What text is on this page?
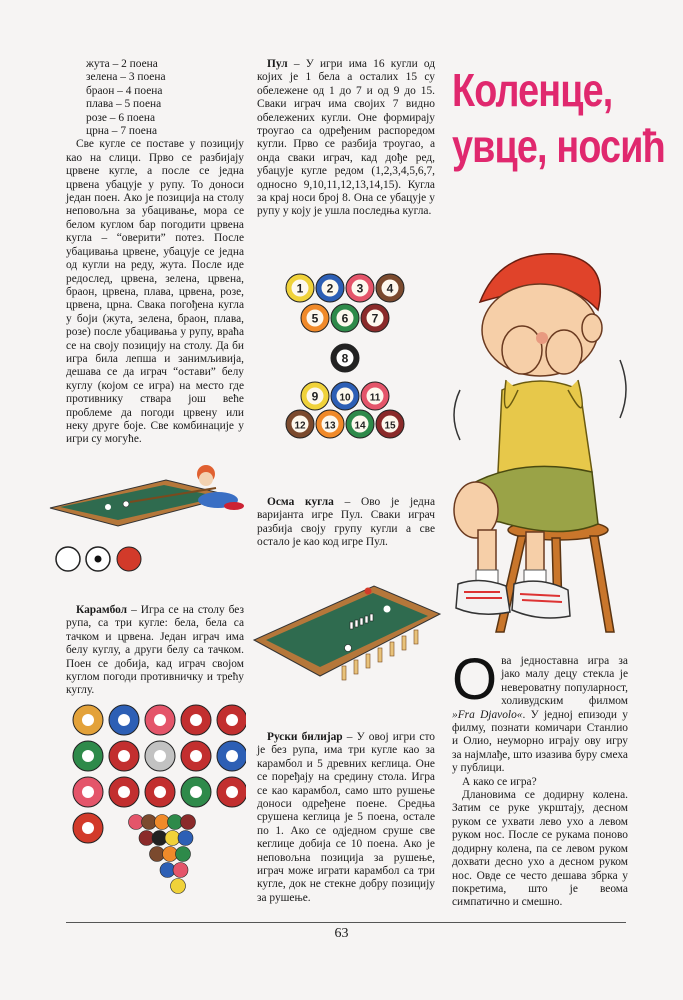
Коленце,
увце, носић

жута – 2 поена

зелена – 3 поена

браон – 4 поена

плава – 5 поена

розе – 6 поена

црна – 7 поена

Све кугле се поставе у позицију као на слици. Прво се разбијају црвене кугле, а после се једна црвена убацује у рупу. То доноси један поен. Ако је позиција на столу неповољна за убацивање, мора се белом куглом бар погодити црвена кугла – “оверити” потез. После убацивања црвене, убацује се једна од кугли на реду, жута. После иде редослед, црвена, зелена, црвена, браон, црвена, плава, црвена, розе, црвена, црна. Свака погођена кугла у боји (жута, зелена, браон, плава, розе) после убацивања у рупу, враћа се на своју позицију на столу. Да би игра била лепша и занимљивија, дешава се да играч “остави” белу куглу (којом се игра) на место где противнику ствара још веће проблеме да погоди црвену или неку друге боје. Све комбинације у игри су могуће.

Пул – У игри има 16 кугли од којих је 1 бела а осталих 15 су обележене од 1 до 7 и од 9 до 15. Сваки играч има својих 7 видно обележених кугли. Оне формирају троугао са одређеним распоредом кугли. Прво се разбија троугао, а онда сваки играч, кад дође ред, убацује кугле редом (1,2,3,4,5,6,7, односно 9,10,11,12,13,14,15). Кугла за крај носи број 8. Она се убацује у рупу у коју је ушла последња кугла.

1 2 3 4
5 6 7
8
9 10 11
12 13 14 15

Осма кугла – Ово је једна варијанта игре Пул. Сваки играч разбија своју групу кугли а све остало је као код игре Пул.

Карамбол – Игра се на столу без рупа, са три кугле: бела, бела са тачком и црвена. Један играч има белу куглу, а други белу са тачком. Поен се добија, кад играч својом куглом погоди противничку и трећу куглу.

Руски билијар – У овој игри сто је без рупа, има три кугле као за карамбол и 5 древних кеглица. Оне се поређају на средину стола. Игра се као карамбол, само што рушење доноси одређене поене. Средња срушена кеглица је 5 поена, остале по 1. Ако се одједном сруше све кеглице добија се 10 поена. Ако је неповољна позиција за рушење, играч може играти карамбол са три кугле, док не стекне добру позицију за рушење.

Ова једноставна игра за јако малу децу стекла је невероватну популарност, холивудским филмом »Fra Djavolo«. У једној епизоди у филму, познати комичари Станлио и Олио, неуморно играју ову игру за најмлађе, што изазива буру смеха у публици.

А како се игра?

Длановима се додирну колена. Затим се руке укрштају, десном руком се ухвати лево ухо а левом руком нос. После се рукама поново додирну колена, па се левом руком дохвати десно ухо а десном руком нос. Овде се често дешава збрка у покретима, што је веома симпатично и смешно.

63
